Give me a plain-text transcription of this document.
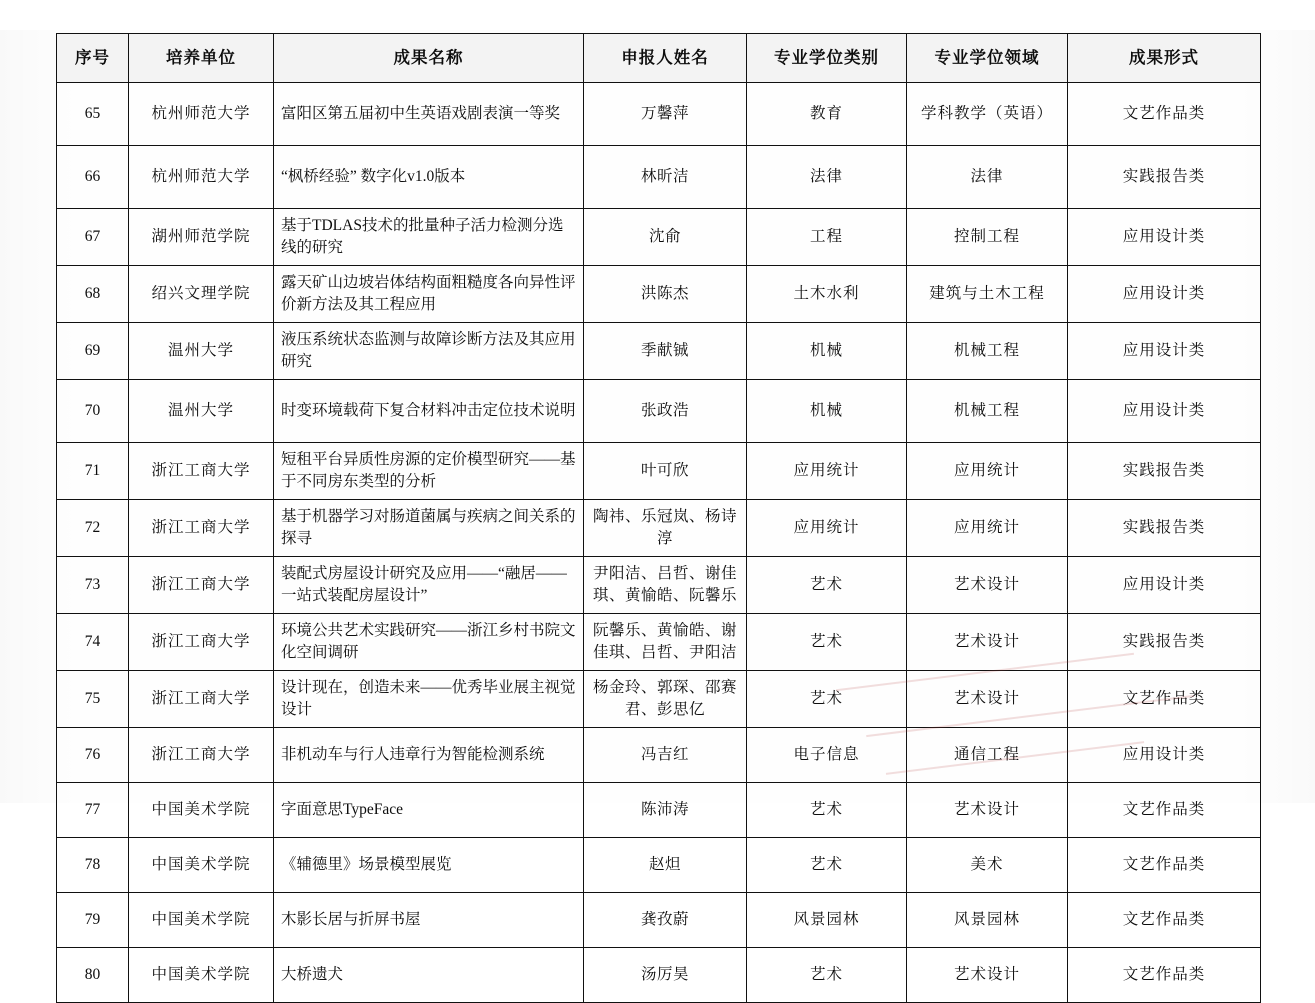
序号	培养单位	成果名称	申报人姓名	专业学位类别	专业学位领域	成果形式
65	杭州师范大学	富阳区第五届初中生英语戏剧表演一等奖	万馨萍	教育	学科教学（英语）	文艺作品类
66	杭州师范大学	“枫桥经验” 数字化v1.0版本	林昕洁	法律	法律	实践报告类
67	湖州师范学院	基于TDLAS技术的批量种子活力检测分选线的研究	沈俞	工程	控制工程	应用设计类
68	绍兴文理学院	露天矿山边坡岩体结构面粗糙度各向异性评价新方法及其工程应用	洪陈杰	土木水利	建筑与土木工程	应用设计类
69	温州大学	液压系统状态监测与故障诊断方法及其应用研究	季献铖	机械	机械工程	应用设计类
70	温州大学	时变环境载荷下复合材料冲击定位技术说明	张政浩	机械	机械工程	应用设计类
71	浙江工商大学	短租平台异质性房源的定价模型研究——基于不同房东类型的分析	叶可欣	应用统计	应用统计	实践报告类
72	浙江工商大学	基于机器学习对肠道菌属与疾病之间关系的探寻	陶祎、乐冠岚、杨诗淳	应用统计	应用统计	实践报告类
73	浙江工商大学	装配式房屋设计研究及应用——“融居——一站式装配房屋设计”	尹阳洁、吕哲、谢佳琪、黄愉皓、阮馨乐	艺术	艺术设计	应用设计类
74	浙江工商大学	环境公共艺术实践研究——浙江乡村书院文化空间调研	阮馨乐、黄愉皓、谢佳琪、吕哲、尹阳洁	艺术	艺术设计	实践报告类
75	浙江工商大学	设计现在，创造未来——优秀毕业展主视觉设计	杨金玲、郭琛、邵赛君、彭思亿	艺术	艺术设计	文艺作品类
76	浙江工商大学	非机动车与行人违章行为智能检测系统	冯吉红	电子信息	通信工程	应用设计类
77	中国美术学院	字面意思TypeFace	陈沛涛	艺术	艺术设计	文艺作品类
78	中国美术学院	《辅德里》场景模型展览	赵炟	艺术	美术	文艺作品类
79	中国美术学院	木影长居与折屏书屋	龚孜蔚	风景园林	风景园林	文艺作品类
80	中国美术学院	大桥遗犬	汤厉昊	艺术	艺术设计	文艺作品类
